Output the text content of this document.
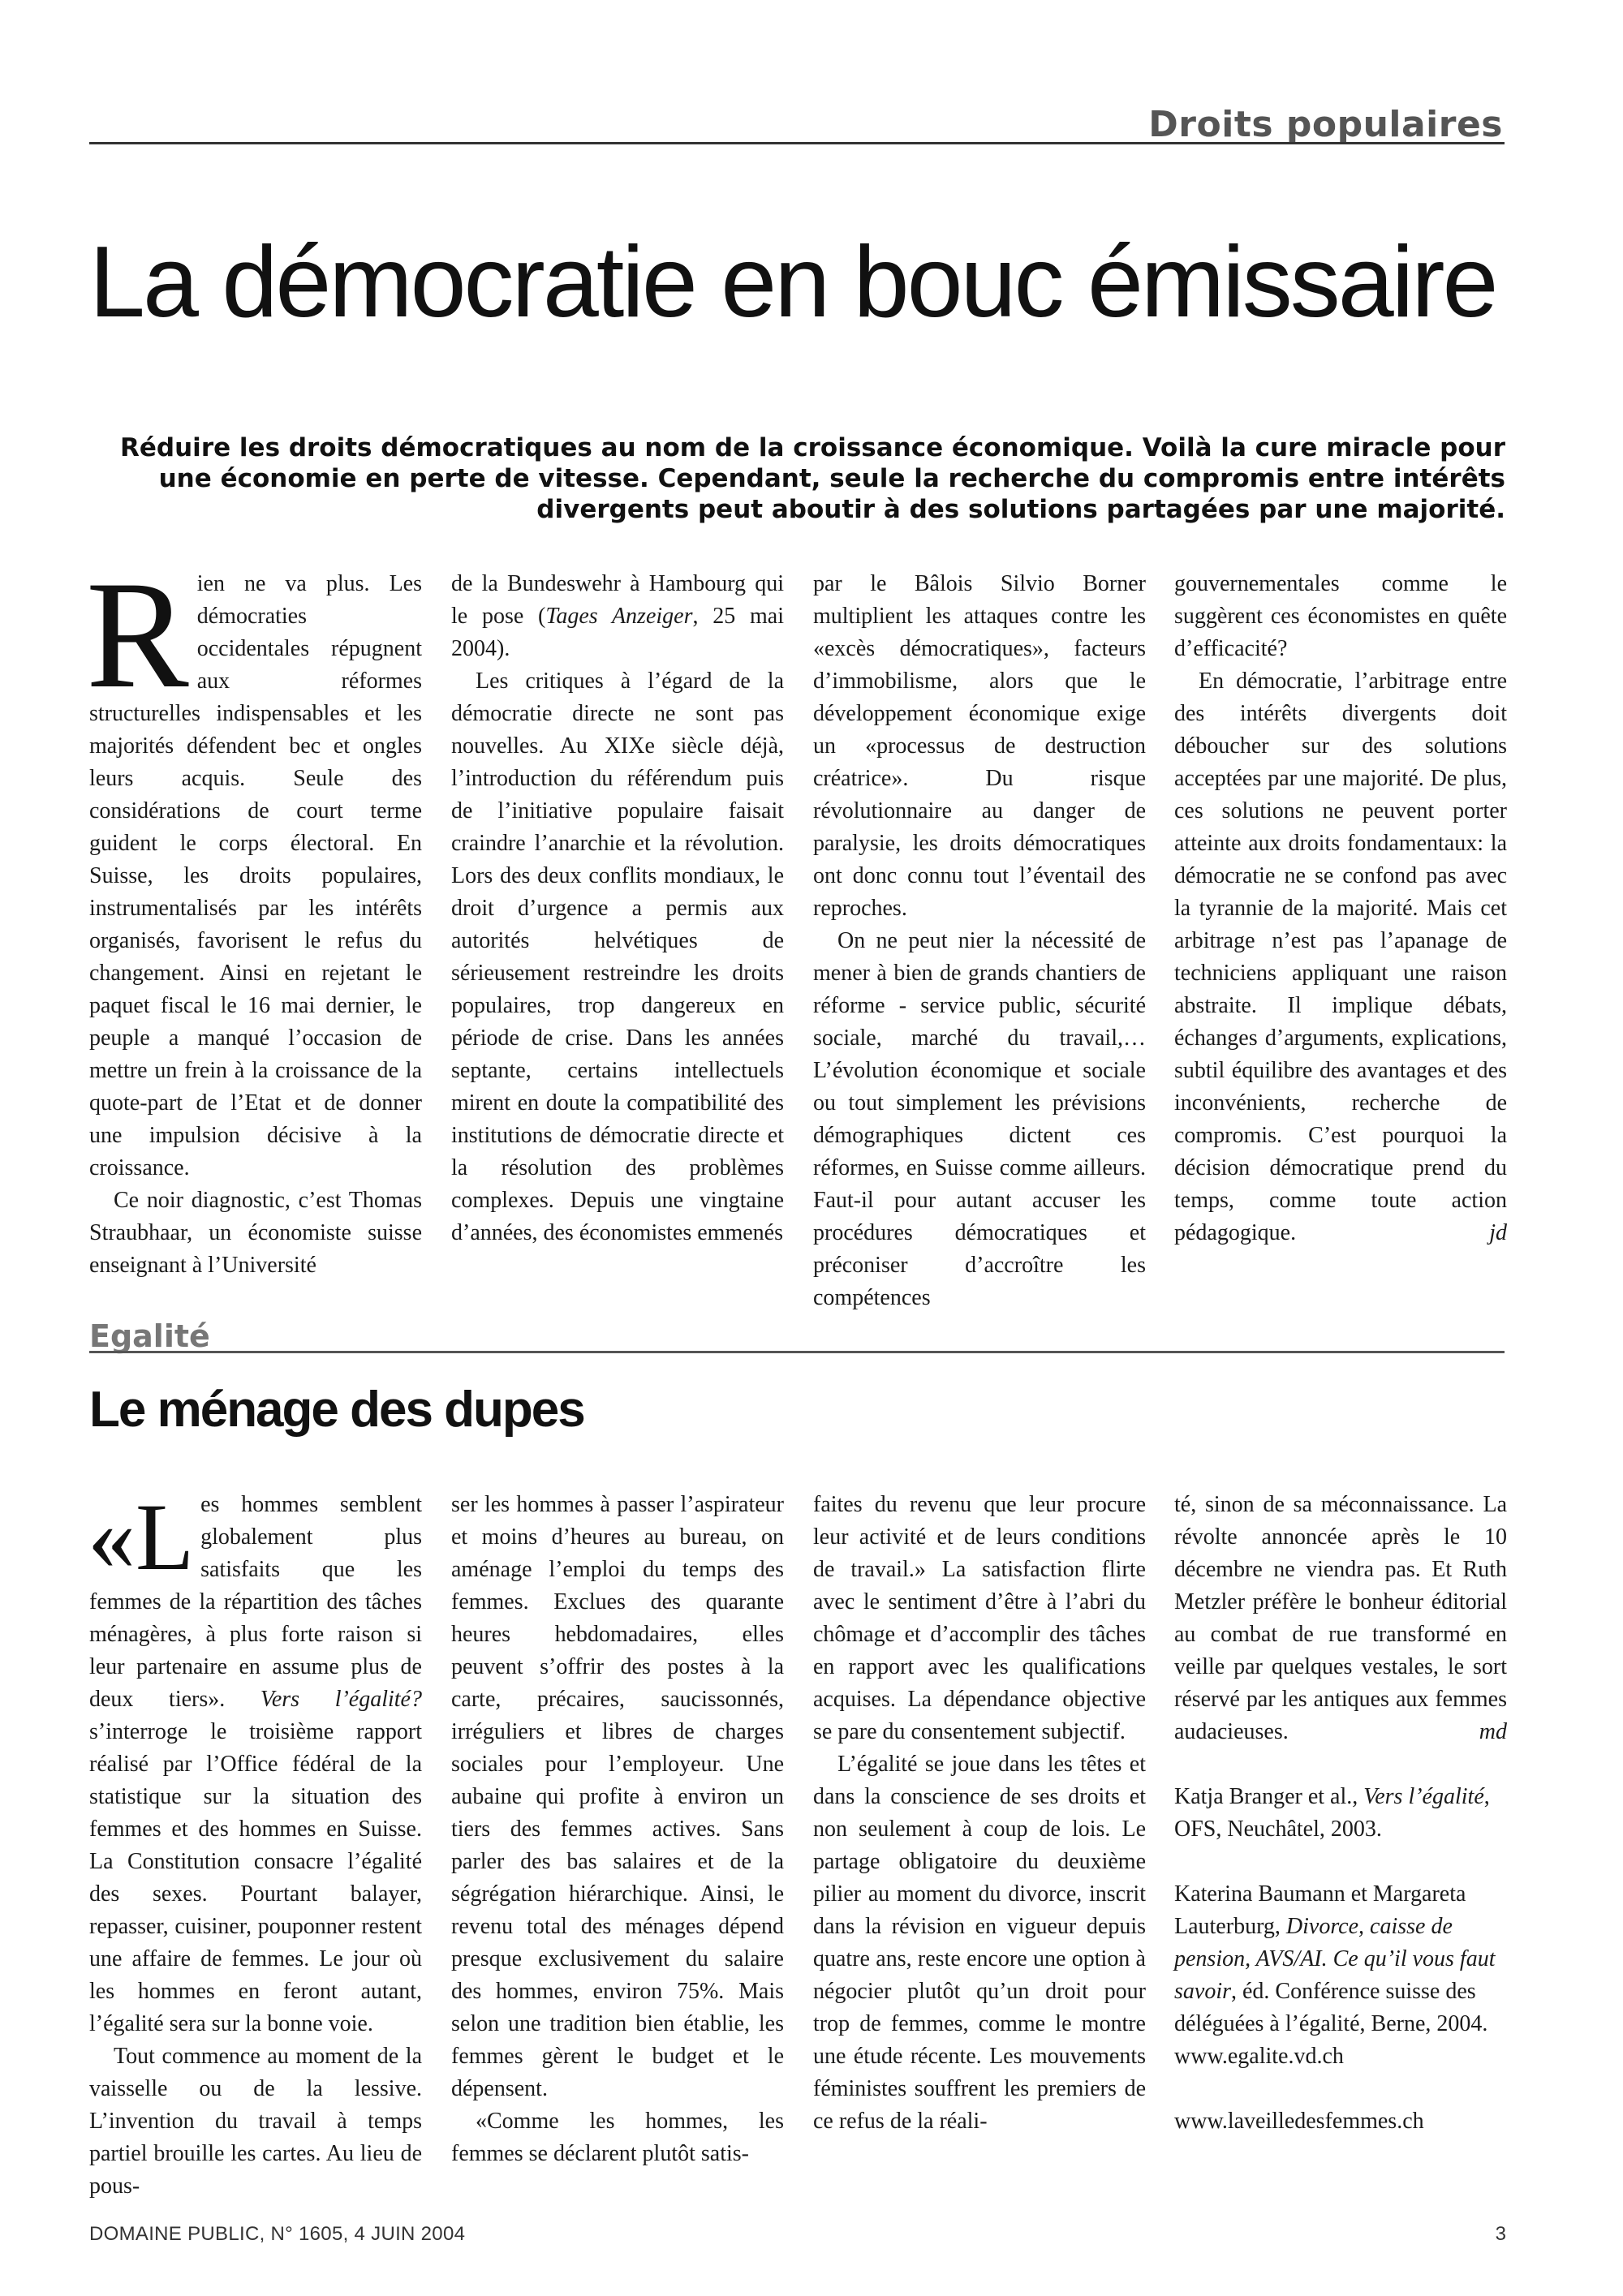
Droits populaires
La démocratie en bouc émissaire
Réduire les droits démocratiques au nom de la croissance économique. Voilà la cure miracle pour une économie en perte de vitesse. Cependant, seule la recherche du compromis entre intérêts divergents peut aboutir à des solutions partagées par une majorité.

Rien ne va plus. Les démocraties occidentales répugnent aux réformes structurelles indispensables et les majorités défendent bec et ongles leurs acquis. Seule des considérations de court terme guident le corps électoral. En Suisse, les droits populaires, instrumentalisés par les intérêts organisés, favorisent le refus du changement. Ainsi en rejetant le paquet fiscal le 16 mai dernier, le peuple a manqué l’occasion de mettre un frein à la croissance de la quote-part de l’Etat et de donner une impulsion décisive à la croissance.

Ce noir diagnostic, c’est Thomas Straubhaar, un économiste suisse enseignant à l’Université

de la Bundeswehr à Hambourg qui le pose (Tages Anzeiger, 25 mai 2004).

Les critiques à l’égard de la démocratie directe ne sont pas nouvelles. Au XIXe siècle déjà, l’introduction du référendum puis de l’initiative populaire faisait craindre l’anarchie et la révolution. Lors des deux conflits mondiaux, le droit d’urgence a permis aux autorités helvétiques de sérieusement restreindre les droits populaires, trop dangereux en période de crise. Dans les années septante, certains intellectuels mirent en doute la compatibilité des institutions de démocratie directe et la résolution des problèmes complexes. Depuis une vingtaine d’années, des économistes emmenés

par le Bâlois Silvio Borner multiplient les attaques contre les «excès démocratiques», facteurs d’immobilisme, alors que le développement économique exige un «processus de destruction créatrice». Du risque révolutionnaire au danger de paralysie, les droits démocratiques ont donc connu tout l’éventail des reproches.

On ne peut nier la nécessité de mener à bien de grands chantiers de réforme - service public, sécurité sociale, marché du travail,… L’évolution économique et sociale ou tout simplement les prévisions démographiques dictent ces réformes, en Suisse comme ailleurs. Faut-il pour autant accuser les procédures démocratiques et préconiser d’accroître les compétences

gouvernementales comme le suggèrent ces économistes en quête d’efficacité?

En démocratie, l’arbitrage entre des intérêts divergents doit déboucher sur des solutions acceptées par une majorité. De plus, ces solutions ne peuvent porter atteinte aux droits fondamentaux: la démocratie ne se confond pas avec la tyrannie de la majorité. Mais cet arbitrage n’est pas l’apanage de techniciens appliquant une raison abstraite. Il implique débats, échanges d’arguments, explications, subtil équilibre des avantages et des inconvénients, recherche de compromis. C’est pourquoi la décision démocratique prend du temps, comme toute action pédagogique.	jd

Egalité
Le ménage des dupes

«Les hommes semblent globalement plus satisfaits que les femmes de la répartition des tâches ménagères, à plus forte raison si leur partenaire en assume plus de deux tiers». Vers l’égalité? s’interroge le troisième rapport réalisé par l’Office fédéral de la statistique sur la situation des femmes et des hommes en Suisse. La Constitution consacre l’égalité des sexes. Pourtant balayer, repasser, cuisiner, pouponner restent une affaire de femmes. Le jour où les hommes en feront autant, l’égalité sera sur la bonne voie.

Tout commence au moment de la vaisselle ou de la lessive. L’invention du travail à temps partiel brouille les cartes. Au lieu de pous-

ser les hommes à passer l’aspirateur et moins d’heures au bureau, on aménage l’emploi du temps des femmes. Exclues des quarante heures hebdomadaires, elles peuvent s’offrir des postes à la carte, précaires, saucissonnés, irréguliers et libres de charges sociales pour l’employeur. Une aubaine qui profite à environ un tiers des femmes actives. Sans parler des bas salaires et de la ségrégation hiérarchique. Ainsi, le revenu total des ménages dépend presque exclusivement du salaire des hommes, environ 75%. Mais selon une tradition bien établie, les femmes gèrent le budget et le dépensent.

«Comme les hommes, les femmes se déclarent plutôt satis-

faites du revenu que leur procure leur activité et de leurs conditions de travail.» La satisfaction flirte avec le sentiment d’être à l’abri du chômage et d’accomplir des tâches en rapport avec les qualifications acquises. La dépendance objective se pare du consentement subjectif.

L’égalité se joue dans les têtes et dans la conscience de ses droits et non seulement à coup de lois. Le partage obligatoire du deuxième pilier au moment du divorce, inscrit dans la révision en vigueur depuis quatre ans, reste encore une option à négocier plutôt qu’un droit pour trop de femmes, comme le montre une étude récente. Les mouvements féministes souffrent les premiers de ce refus de la réali-

té, sinon de sa méconnaissance. La révolte annoncée après le 10 décembre ne viendra pas. Et Ruth Metzler préfère le bonheur éditorial au combat de rue transformé en veille par quelques vestales, le sort réservé par les antiques aux femmes audacieuses.	md

Katja Branger et al., Vers l’égalité, OFS, Neuchâtel, 2003.

Katerina Baumann et Margareta Lauterburg, Divorce, caisse de pension, AVS/AI. Ce qu’il vous faut savoir, éd. Conférence suisse des déléguées à l’égalité, Berne, 2004.

www.egalite.vd.ch

www.laveilledesfemmes.ch

DOMAINE PUBLIC, N° 1605, 4 JUIN 2004	3
